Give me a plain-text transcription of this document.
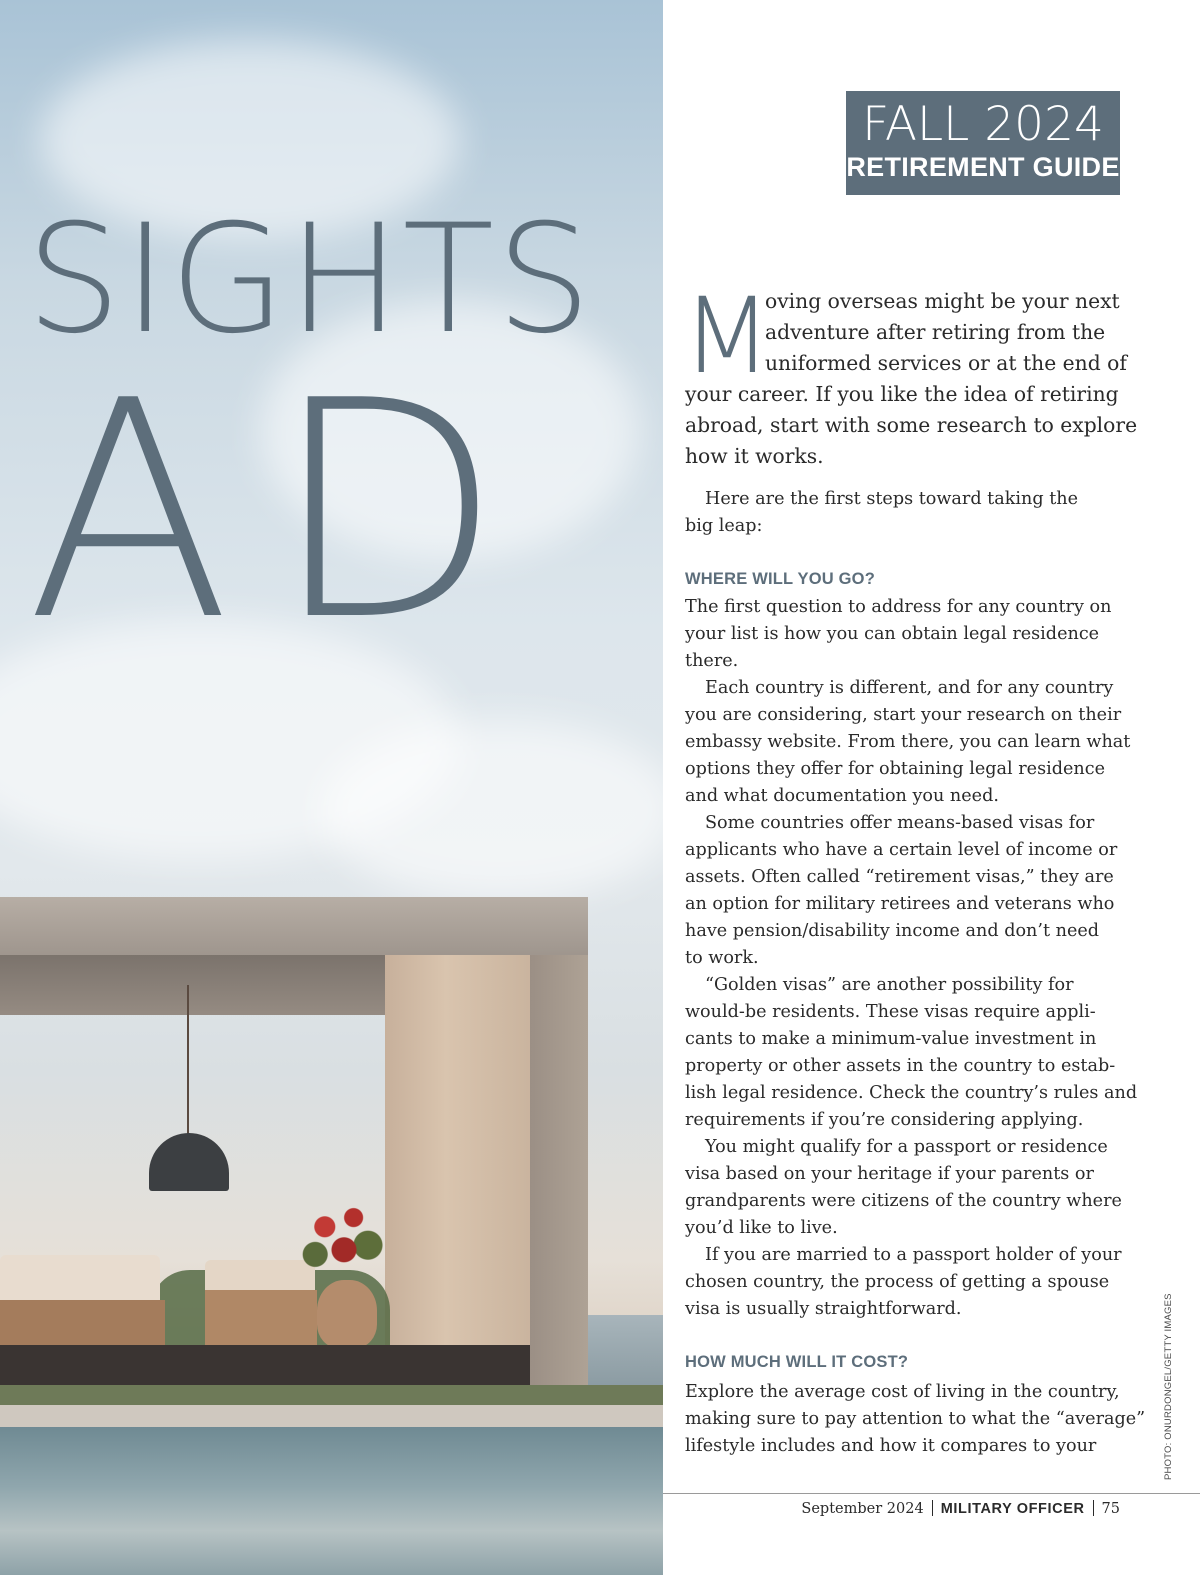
SIGHTS
AD
FALL 2024
RETIREMENT GUIDE
M

oving overseas might be your next

adventure after retiring from the

uniformed services or at the end of

your career. If you like the idea of retiring

abroad, start with some research to explore

how it works.

Here are the first steps toward taking the

big leap:

WHERE WILL YOU GO?

The first question to address for any country on

your list is how you can obtain legal residence

there.

Each country is different, and for any country

you are considering, start your research on their

embassy website. From there, you can learn what

options they offer for obtaining legal residence

and what documentation you need.

Some countries offer means-based visas for

applicants who have a certain level of income or

assets. Often called “retirement visas,” they are

an option for military retirees and veterans who

have pension/disability income and don’t need

to work.

“Golden visas” are another possibility for

would-be residents. These visas require appli-

cants to make a minimum-value investment in

property or other assets in the country to estab-

lish legal residence. Check the country’s rules and

requirements if you’re considering applying.

You might qualify for a passport or residence

visa based on your heritage if your parents or

grandparents were citizens of the country where

you’d like to live.

If you are married to a passport holder of your

chosen country, the process of getting a spouse

visa is usually straightforward.

HOW MUCH WILL IT COST?

Explore the average cost of living in the country,

making sure to pay attention to what the “average”

lifestyle includes and how it compares to your	PHOTO: ONURDONGEL/GETTY IMAGES
September 2024 MILITARY OFFICER 75
